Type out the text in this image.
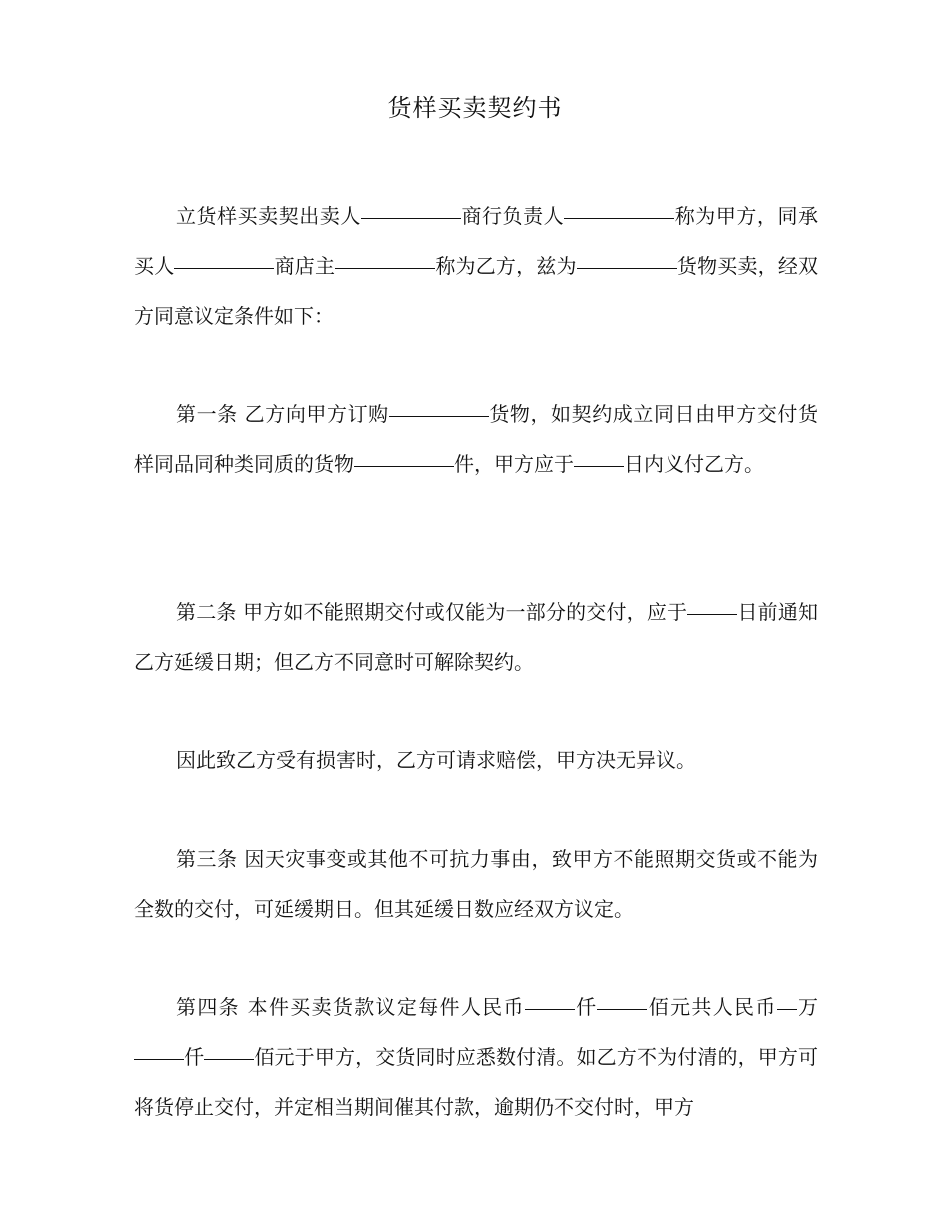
货样买卖契约书

立货样买卖契出卖人	商行负责人	称为甲方，同承买人	商店主	称为乙方，兹为	货物买卖，经双方同意议定条件如下：

第一条 乙方向甲方订购	货物，如契约成立同日由甲方交付货样同品同种类同质的货物	件，甲方应于	日内义付乙方。

第二条 甲方如不能照期交付或仅能为一部分的交付，应于	日前通知乙方延缓日期；但乙方不同意时可解除契约。

因此致乙方受有损害时，乙方可请求赔偿，甲方决无异议。

第三条 因天灾事变或其他不可抗力事由，致甲方不能照期交货或不能为全数的交付，可延缓期日。但其延缓日数应经双方议定。

第四条 本件买卖货款议定每件人民币	仟	佰元共人民币 万仟	佰元于甲方，交货同时应悉数付清。如乙方不为付清的，甲方可将货停止交付，并定相当期间催其付款，逾期仍不交付时，甲方
